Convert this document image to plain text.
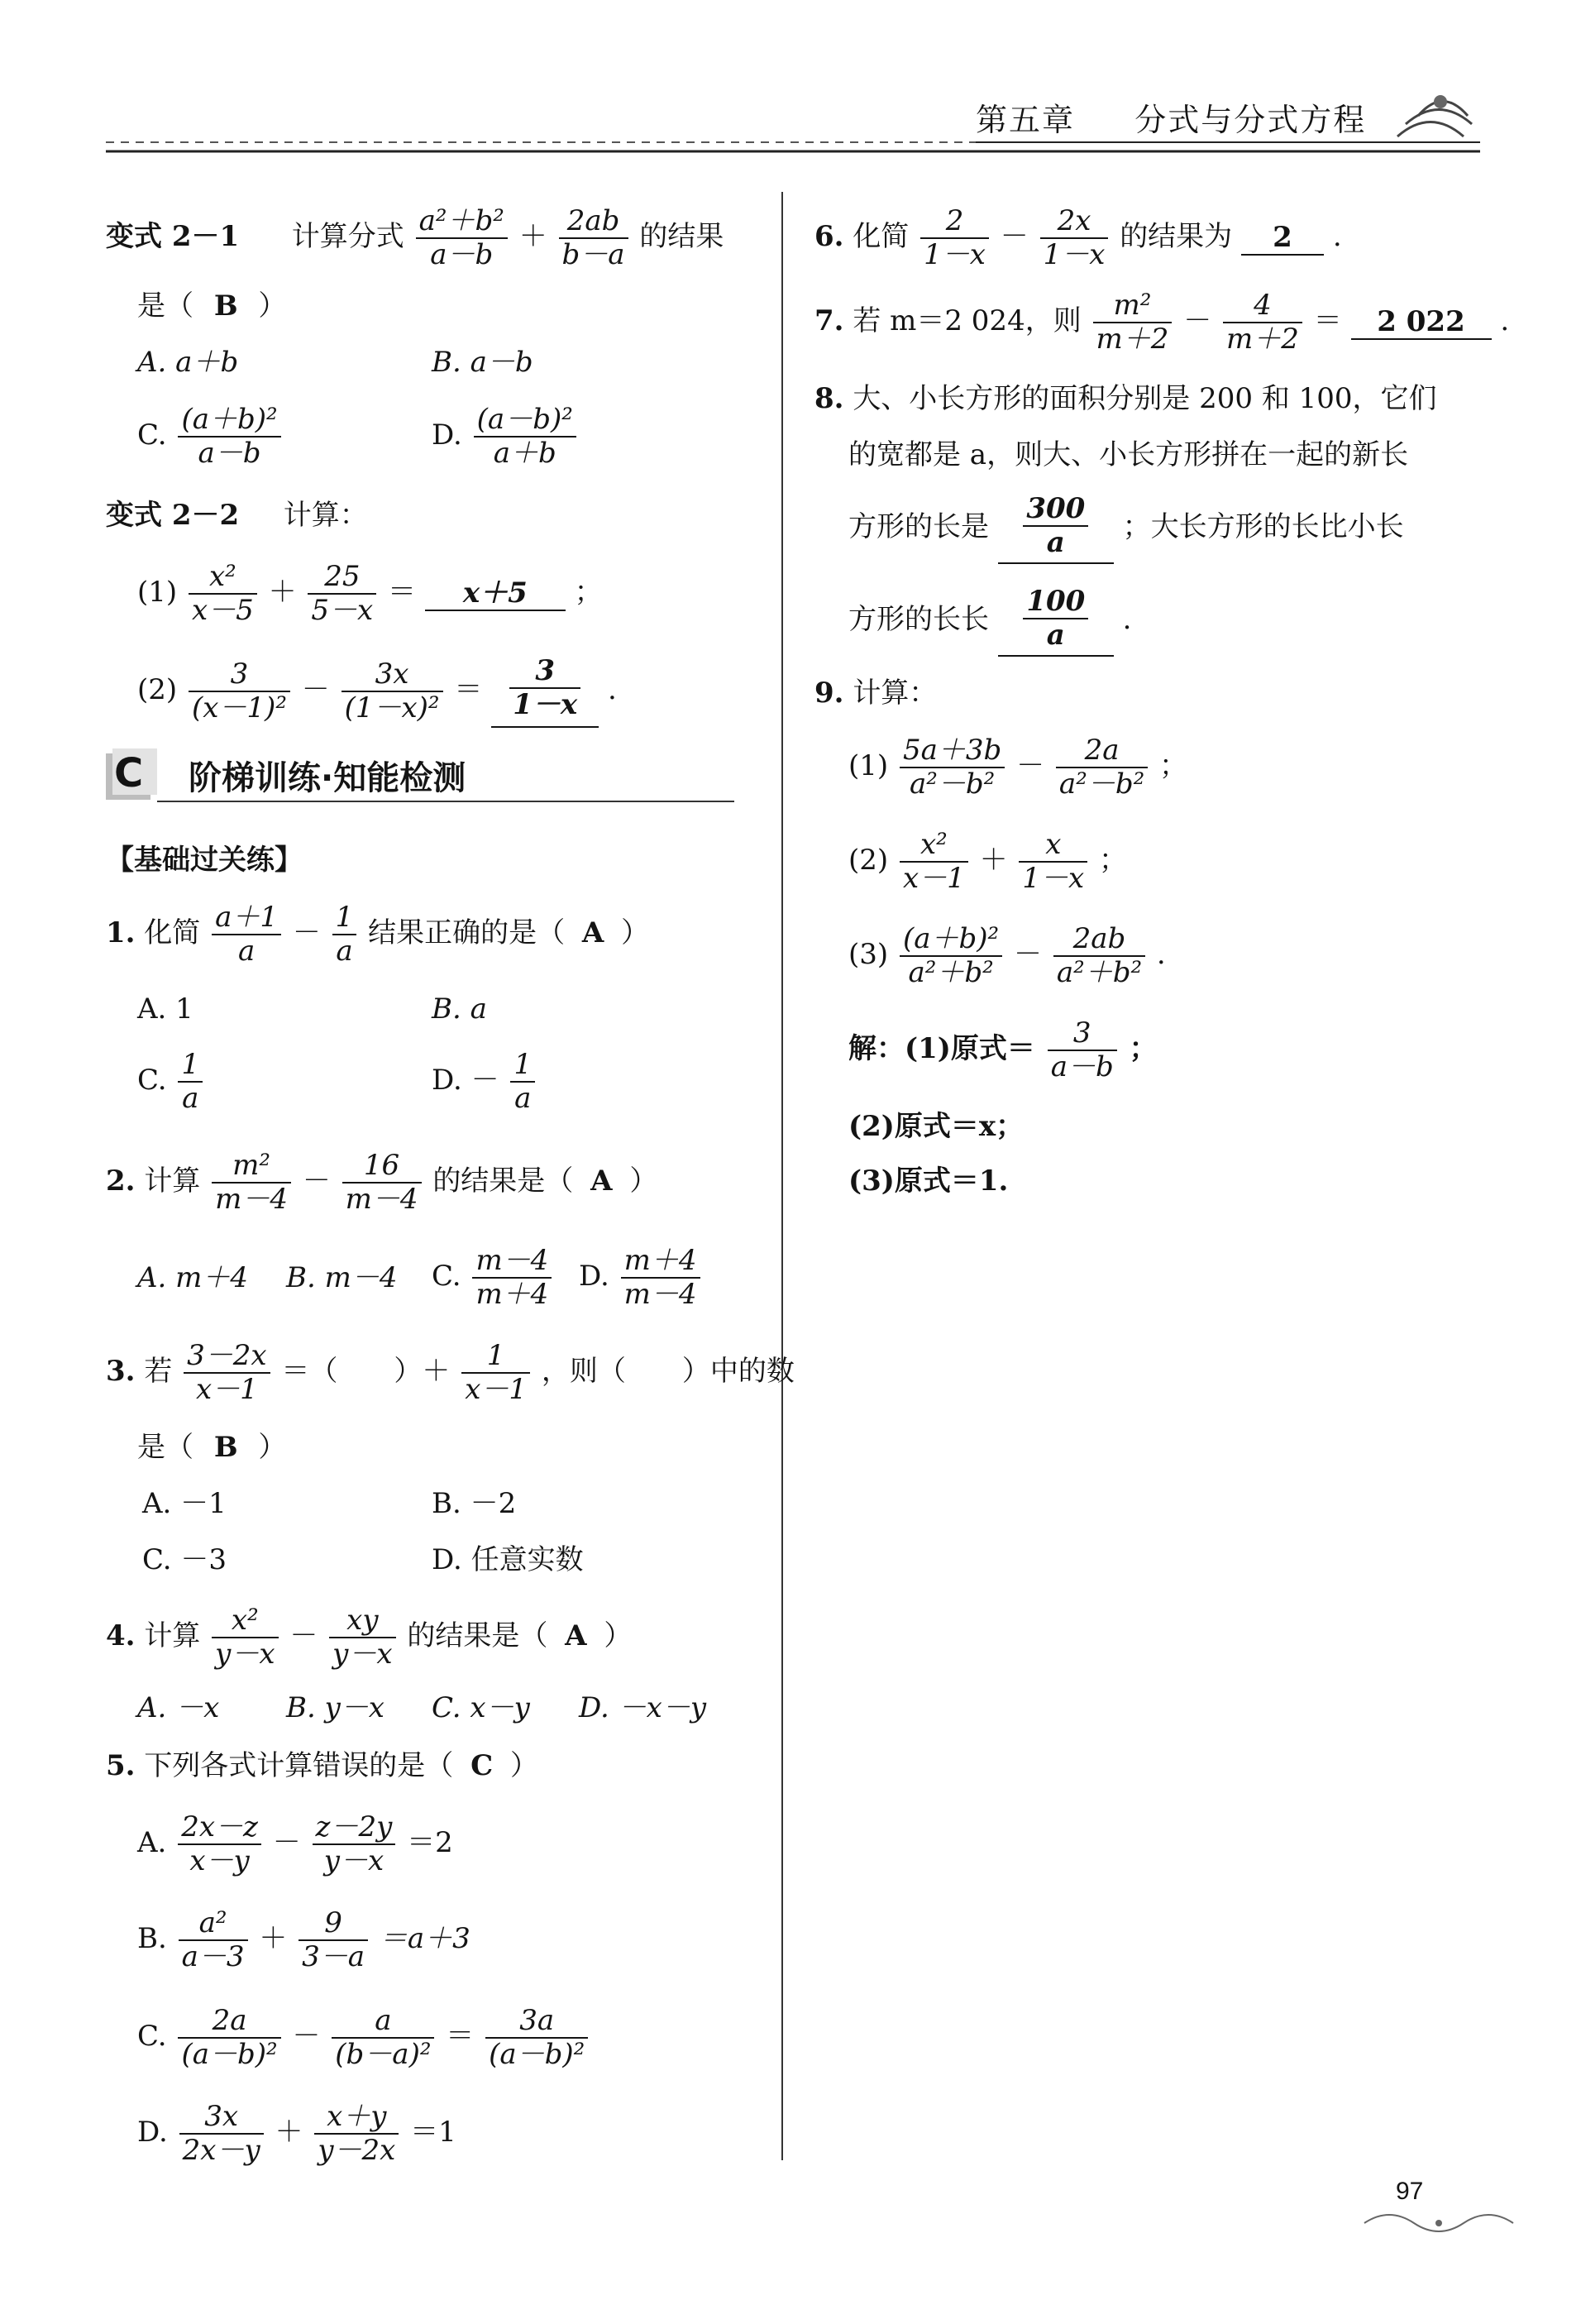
第五章 分式与分式方程
变式 2－1 计算分式 $\frac{\text{a²＋b²}}{a-b} + \frac{2ab}{b-a}$ 的结果
是（ B ）
A. a＋b	B. a－b
C. $\frac{\text{(a＋b)²}}{a-b}$	D. $\frac{\text{(a－b)²}}{a+b}$
变式 2－2 计算：
$(1) \frac{\text{x²}}{x-5} + \frac{25}{5-x} = x+5$ ；
$(2) \frac{3}{\text{(x－1)²}} - \frac{3x}{\text{(1－x)²}} = \frac{3}{1-x}$ .
C 阶梯训练·知能检测
【基础过关练】
1. 化简 $\frac{a+1}{a} - \frac{1}{a}$ 结果正确的是（ A ）
A. 1	B. a
C. $\frac{1}{a}$	D. － $\frac{1}{a}$
2. 计算 $\frac{\text{m²}}{m-4} - \frac{16}{m-4}$ 的结果是（ A ）
A. m＋4 B. m－4 C. $\frac{m-4}{m+4} D$. $\frac{m+4}{m-4}$
3. 若 $\frac{3-2x}{x-1}$ ＝（　　）＋ $\frac{1}{x-1}$ ，则（　　）中的数
是（ B ）
A. －1	B. －2
C. －3	D. 任意实数
4. 计算 $\frac{\text{x²}}{y-x} - \frac{xy}{y-x}$ 的结果是（ A ）
A. －x B. y－x C. x－y D. －x－y
5. 下列各式计算错误的是（ C ）
A. $\frac{2x-z}{x-y} - \frac{z-2y}{y-x} =2$
B. $\frac{\text{a²}}{a-3} + \frac{9}{3-a} =a+3$
C. $\frac{2a}{\text{(a－b)²}} - \frac{a}{\text{(b－a)²}} = \frac{3a}{\text{(a－b)²}}$
D. $\frac{3x}{2x-y} + \frac{x+y}{y-2x} =1$
6. 化简 $\frac{2}{1-x} - \frac{2x}{1-x}$ 的结果为 2 .
7. 若 m＝2 024，则 $\frac{\text{m²}}{m+2} - \frac{4}{m+2} = 2$ 022 .
8. 大、小长方形的面积分别是 200 和 100，它们
的宽都是 a，则大、小长方形拼在一起的新长
方形的长是 $\frac{300}{a}$ ；大长方形的长比小长
方形的长长 $\frac{100}{a}$ .
9. 计算：
$(1) \frac{5a+3b}{\text{a²－b²}} - \frac{2a}{\text{a²－b²}}$ ；
$(2) \frac{\text{x²}}{x-1} + \frac{x}{1-x}$ ；
$(3) \frac{\text{(a＋b)²}}{\text{a²＋b²}} - \frac{2ab}{\text{a²＋b²}}$ .
解：(1)原式＝ $\frac{3}{a-b}$ ；
(2)原式＝x；
(3)原式＝1.
97
